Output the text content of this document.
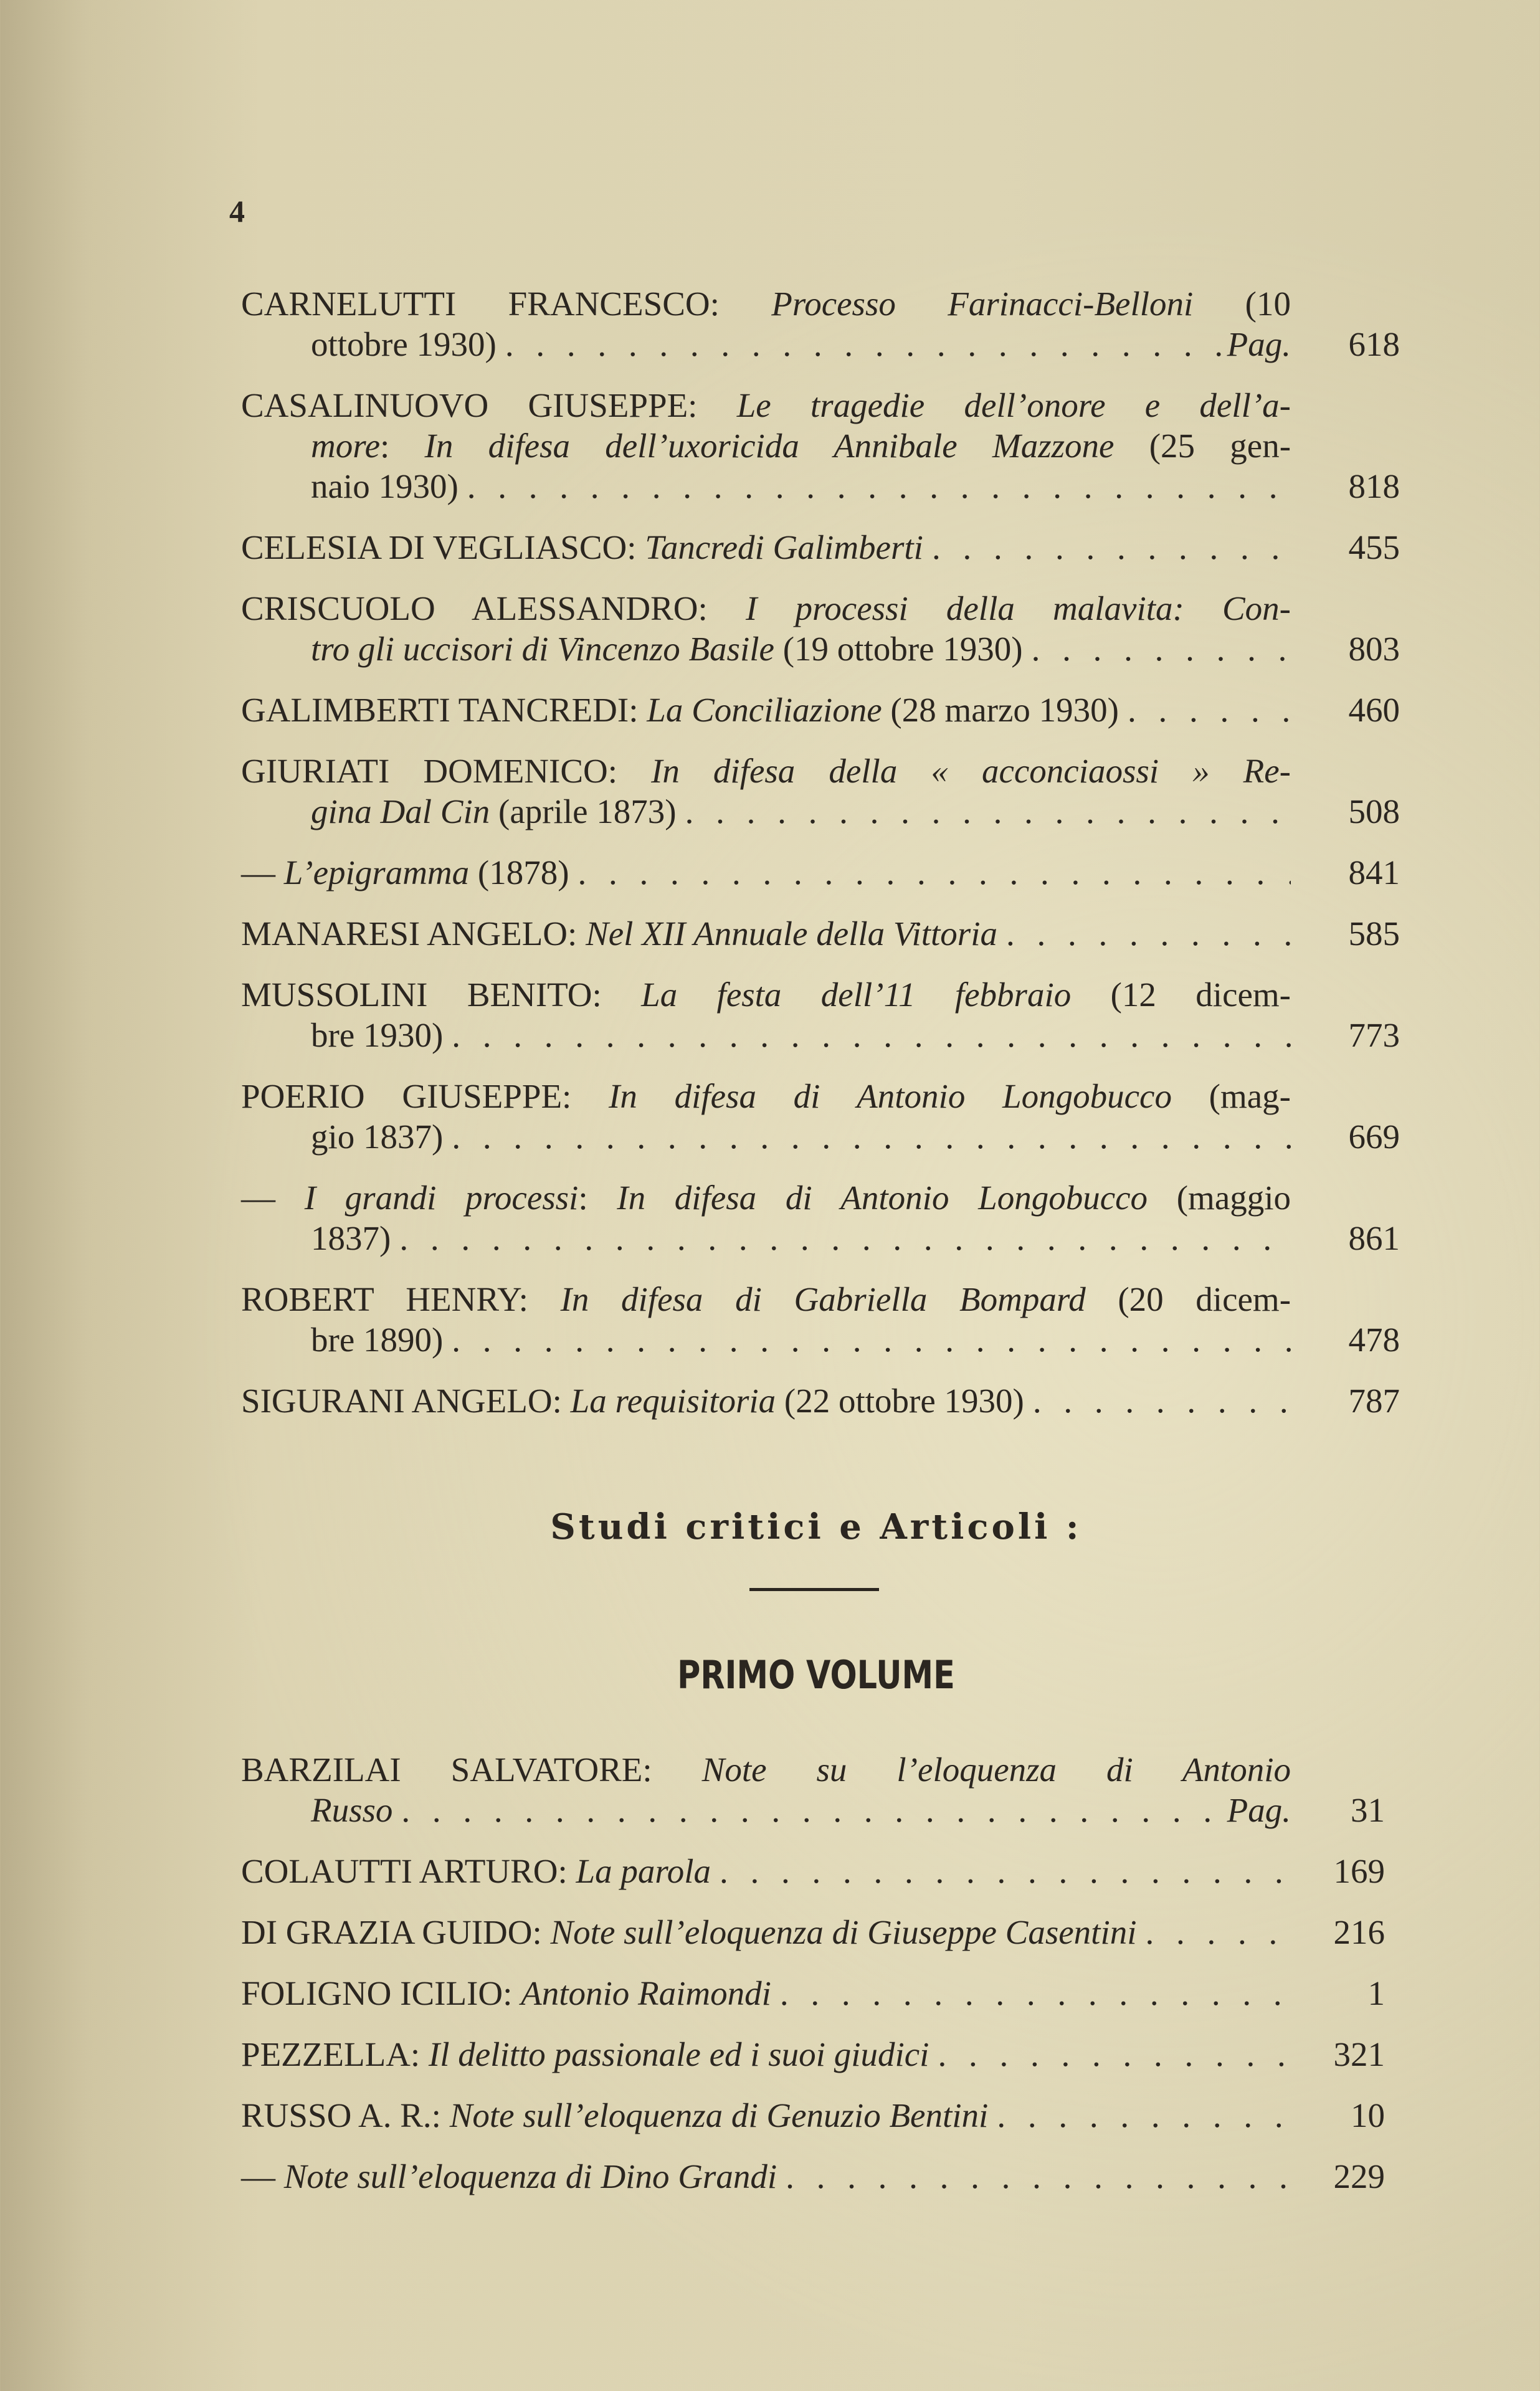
4
CARNELUTTI FRANCESCO: Processo Farinacci-Belloni (10
ottobre 1930) . . .	Pag.	618
CASALINUOVO GIUSEPPE: Le tragedie dell’onore e dell’a-
more: In difesa dell’uxoricida Annibale Mazzone (25 gen-
naio 1930) . . .	818
CELESIA DI VEGLIASCO: Tancredi Galimberti . . .	455
CRISCUOLO ALESSANDRO: I processi della malavita: Con-
tro gli uccisori di Vincenzo Basile (19 ottobre 1930) . . .	803
GALIMBERTI TANCREDI: La Conciliazione (28 marzo 1930) . . .	460
GIURIATI DOMENICO: In difesa della « acconciaossi » Re-
gina Dal Cin (aprile 1873) . . .	508
— L’epigramma (1878) . . .	841
MANARESI ANGELO: Nel XII Annuale della Vittoria . . .	585
MUSSOLINI BENITO: La festa dell’11 febbraio (12 dicem-
bre 1930) . . .	773
POERIO GIUSEPPE: In difesa di Antonio Longobucco (mag-
gio 1837) . . .	669
— I grandi processi: In difesa di Antonio Longobucco (maggio
1837) . . .	861
ROBERT HENRY: In difesa di Gabriella Bompard (20 dicem-
bre 1890) . . .	478
SIGURANI ANGELO: La requisitoria (22 ottobre 1930) . . .	787
Studi critici e Articoli :
PRIMO VOLUME
BARZILAI SALVATORE: Note su l’eloquenza di Antonio
Russo . . .	Pag.	31
COLAUTTI ARTURO: La parola . . .	169
DI GRAZIA GUIDO: Note sull’eloquenza di Giuseppe Casentini . . .	216
FOLIGNO ICILIO: Antonio Raimondi . . .	1
PEZZELLA: Il delitto passionale ed i suoi giudici . . .	321
RUSSO A. R.: Note sull’eloquenza di Genuzio Bentini . . .	10
— Note sull’eloquenza di Dino Grandi . . .	229
